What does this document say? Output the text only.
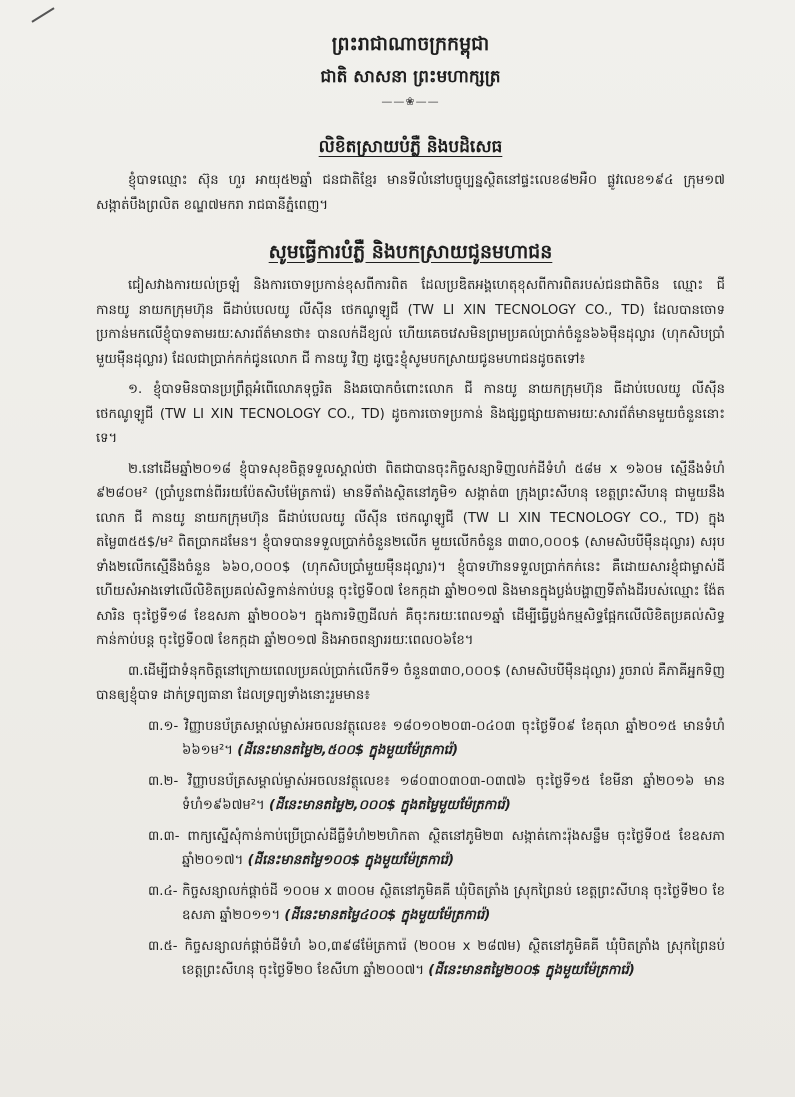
ព្រះរាជាណាចក្រកម្ពុជា
ជាតិ សាសនា ព្រះមហាក្សត្រ
——❀——
លិខិតស្រាយបំភ្លឺ និងបដិសេធ

ខ្ញុំបាទឈ្មោះ ស៊ុន ហួរ អាយុ៥២ឆ្នាំ ជនជាតិខ្មែរ មានទីលំនៅបច្ចុប្បន្នស្ថិតនៅផ្ទះលេខ៨២អឺ០ ផ្លូវលេខ១៩៤ ក្រុម១៧ សង្កាត់បឹងព្រលិត ខណ្ឌ៧មករា រាជធានីភ្នំពេញ។

សូមធ្វើការបំភ្លឺ និងបកស្រាយជូនមហាជន

ជៀសវាងការយល់ច្រឡំ និងការចោទប្រកាន់ខុសពីការពិត ដែលប្រឌិតអង្គហេតុខុសពីការពិតរបស់ជនជាតិចិន ឈ្មោះ ជី កានយូ នាយកក្រុមហ៊ុន ធីដាប់បេលយូ លីស៊ីន ថេកណូឡូជី (TW LI XIN TECNOLOGY CO., TD) ដែលបានចោទប្រកាន់មកលើខ្ញុំបាទតាមរយៈសារព័ត៌មានថា៖ បានលក់ដីខ្យល់ ហើយគេចវេសមិនព្រមប្រគល់ប្រាក់ចំនួន៦៦ម៉ឺនដុល្លារ (ហុកសិបប្រាំមួយម៉ឺនដុល្លារ) ដែលជាប្រាក់កក់ជូនលោក ជី កានយូ វិញ ដូច្នេះខ្ញុំសូមបកស្រាយជូនមហាជនដូចតទៅ៖

១. ខ្ញុំបាទមិនបានប្រព្រឹត្តអំពើលោភទុច្ចរិត និងឆបោកចំពោះលោក ជី កានយូ នាយកក្រុមហ៊ុន ធីដាប់បេលយូ លីស៊ីន ថេកណូឡូជី (TW LI XIN TECNOLOGY CO., TD) ដូចការចោទប្រកាន់ និងផ្សព្វផ្សាយតាមរយៈសារព័ត៌មានមួយចំនួននោះទេ។

២.នៅដើមឆ្នាំ២០១៨ ខ្ញុំបាទសុខចិត្តទទួលស្គាល់ថា ពិតជាបានចុះកិច្ចសន្យាទិញលក់ដីទំហំ ៥៨ម x ១៦០ម ស្មើនឹងទំហំ ៩២៨០ម² (ប្រាំបួនពាន់ពីររយប៉ែតសិបម៉ែត្រការ៉េ) មានទីតាំងស្ថិតនៅភូមិ១ សង្កាត់៣ ក្រុងព្រះសីហនុ ខេត្តព្រះសីហនុ ជាមួយនឹងលោក ជី កានយូ នាយកក្រុមហ៊ុន ធីដាប់បេលយូ លីស៊ីន ថេកណូឡូជី (TW LI XIN TECNOLOGY CO., TD) ក្នុងតម្លៃ៣៥៥$/ម² ពិតប្រាកដមែន។ ខ្ញុំបាទបានទទួលប្រាក់ចំនួន២លើក មួយលើកចំនួន ៣៣០,០០០$ (សាមសិបបីម៉ឺនដុល្លារ) សរុបទាំង២លើកស្មើនឹងចំនួន ៦៦០,០០០$ (ហុកសិបប្រាំមួយម៉ឺនដុល្លារ)។ ខ្ញុំបាទហ៊ានទទួលប្រាក់កក់នេះ គឺដោយសារខ្ញុំជាម្ចាស់ដី ហើយសំអាងទៅលើលិខិតប្រគល់សិទ្ធកាន់កាប់បន្ត ចុះថ្ងៃទី០៧ ខែកក្កដា ឆ្នាំ២០១៧ និងមានក្នុងប្លង់បង្ហាញទីតាំងដីរបស់ឈ្មោះ ង៉ែត សារិន ចុះថ្ងៃទី១៨ ខែឧសភា ឆ្នាំ២០០៦។ ក្នុងការទិញដីលក់ គឺចុះករយៈពេល១ឆ្នាំ ដើម្បីធ្វើប្លង់កម្មសិទ្ធផ្អែកលើលិខិតប្រគល់សិទ្ធកាន់កាប់បន្ត ចុះថ្ងៃទី០៧ ខែកក្កដា ឆ្នាំ២០១៧ និងអាចពន្យាររយៈពេល០៦ខែ។

៣.ដើម្បីជាទំនុកចិត្តនៅក្រោយពេលប្រគល់ប្រាក់លើកទី១ ចំនួន៣៣០,០០០$ (សាមសិបបីម៉ឺនដុល្លារ) រួចរាល់ គឺភាគីអ្នកទិញបានឲ្យខ្ញុំបាទ ដាក់ទ្រព្យធានា ដែលទ្រព្យទាំងនោះរួមមាន៖

៣.១- វិញ្ញាបនប័ត្រសម្គាល់ម្ចាស់អចលនវត្ថុលេខ៖ ១៨០១០២០៣-០៤០៣ ចុះថ្ងៃទី០៩ ខែតុលា ឆ្នាំ២០១៥ មានទំហំ ៦៦១ម²។ (ដីនេះមានតម្លៃ២,៥០០$ ក្នុងមួយម៉ែត្រការ៉េ)

៣.២- វិញ្ញាបនប័ត្រសម្គាល់ម្ចាស់អចលនវត្ថុលេខ៖ ១៨០៣០៣០៣-០៣៧៦ ចុះថ្ងៃទី១៥ ខែមីនា ឆ្នាំ២០១៦ មានទំហំ១៩៦៧ម²។ (ដីនេះមានតម្លៃ២,០០០$ ក្នុងតម្លៃមួយម៉ែត្រការ៉េ)

៣.៣- ពាក្យស្នើសុំកាន់កាប់ប្រើប្រាស់ដីធ្លីទំហំ២២ហិកតា ស្ថិតនៅភូមិ២៣ សង្កាត់កោះរ៉ុងសន្លឹម ចុះថ្ងៃទី០៥ ខែឧសភា ឆ្នាំ២០១៧។ (ដីនេះមានតម្លៃ១០០$ ក្នុងមួយម៉ែត្រការ៉េ)

៣.៤- កិច្ចសន្យាលក់ផ្តាច់ដី ១០០ម x ៣០០ម ស្ថិតនៅភូមិគគី ឃុំបិតត្រាំង ស្រុកព្រៃនប់ ខេត្តព្រះសីហនុ ចុះថ្ងៃទី២០ ខែឧសភា ឆ្នាំ២០១១។ (ដីនេះមានតម្លៃ៤០០$ ក្នុងមួយម៉ែត្រការ៉េ)

៣.៥- កិច្ចសន្យាលក់ផ្តាច់ដីទំហំ ៦០,៣៩៨ម៉ែត្រការ៉េ (២០០ម x ២៨៧ម) ស្ថិតនៅភូមិគគី ឃុំបិតត្រាំង ស្រុកព្រៃនប់ ខេត្តព្រះសីហនុ ចុះថ្ងៃទី២០ ខែសីហា ឆ្នាំ២០០៧។ (ដីនេះមានតម្លៃ២០០$ ក្នុងមួយម៉ែត្រការ៉េ)
